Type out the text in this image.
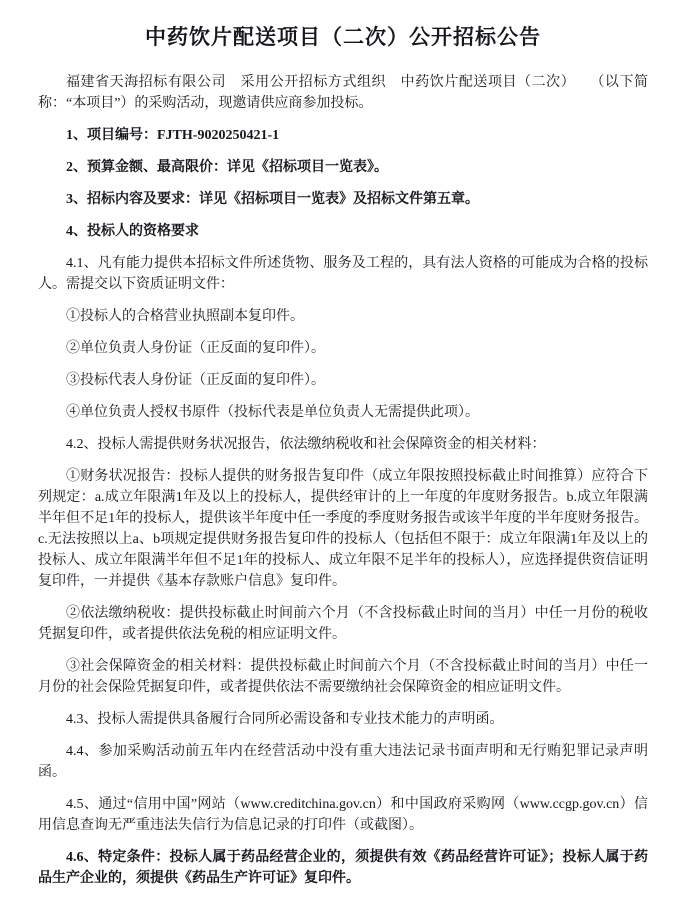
中药饮片配送项目（二次）公开招标公告

福建省天海招标有限公司　采用公开招标方式组织　中药饮片配送项目（二次）　　（以下简称：“本项目”）的采购活动，现邀请供应商参加投标。

1、项目编号：FJTH-9020250421-1

2、预算金额、最高限价：详见《招标项目一览表》。

3、招标内容及要求：详见《招标项目一览表》及招标文件第五章。

4、投标人的资格要求

4.1、凡有能力提供本招标文件所述货物、服务及工程的，具有法人资格的可能成为合格的投标人。需提交以下资质证明文件：

①投标人的合格营业执照副本复印件。

②单位负责人身份证（正反面的复印件）。

③投标代表人身份证（正反面的复印件）。

④单位负责人授权书原件（投标代表是单位负责人无需提供此项）。

4.2、投标人需提供财务状况报告，依法缴纳税收和社会保障资金的相关材料：

①财务状况报告：投标人提供的财务报告复印件（成立年限按照投标截止时间推算）应符合下列规定：a.成立年限满1年及以上的投标人，提供经审计的上一年度的年度财务报告。b.成立年限满半年但不足1年的投标人，提供该半年度中任一季度的季度财务报告或该半年度的半年度财务报告。c.无法按照以上a、b项规定提供财务报告复印件的投标人（包括但不限于：成立年限满1年及以上的投标人、成立年限满半年但不足1年的投标人、成立年限不足半年的投标人），应选择提供资信证明复印件，一并提供《基本存款账户信息》复印件。

②依法缴纳税收：提供投标截止时间前六个月（不含投标截止时间的当月）中任一月份的税收凭据复印件，或者提供依法免税的相应证明文件。

③社会保障资金的相关材料：提供投标截止时间前六个月（不含投标截止时间的当月）中任一月份的社会保险凭据复印件，或者提供依法不需要缴纳社会保障资金的相应证明文件。

4.3、投标人需提供具备履行合同所必需设备和专业技术能力的声明函。

4.4、参加采购活动前五年内在经营活动中没有重大违法记录书面声明和无行贿犯罪记录声明函。

4.5、通过“信用中国”网站（www.creditchina.gov.cn）和中国政府采购网（www.ccgp.gov.cn）信用信息查询无严重违法失信行为信息记录的打印件（或截图）。

4.6、特定条件：投标人属于药品经营企业的，须提供有效《药品经营许可证》；投标人属于药品生产企业的，须提供《药品生产许可证》复印件。
